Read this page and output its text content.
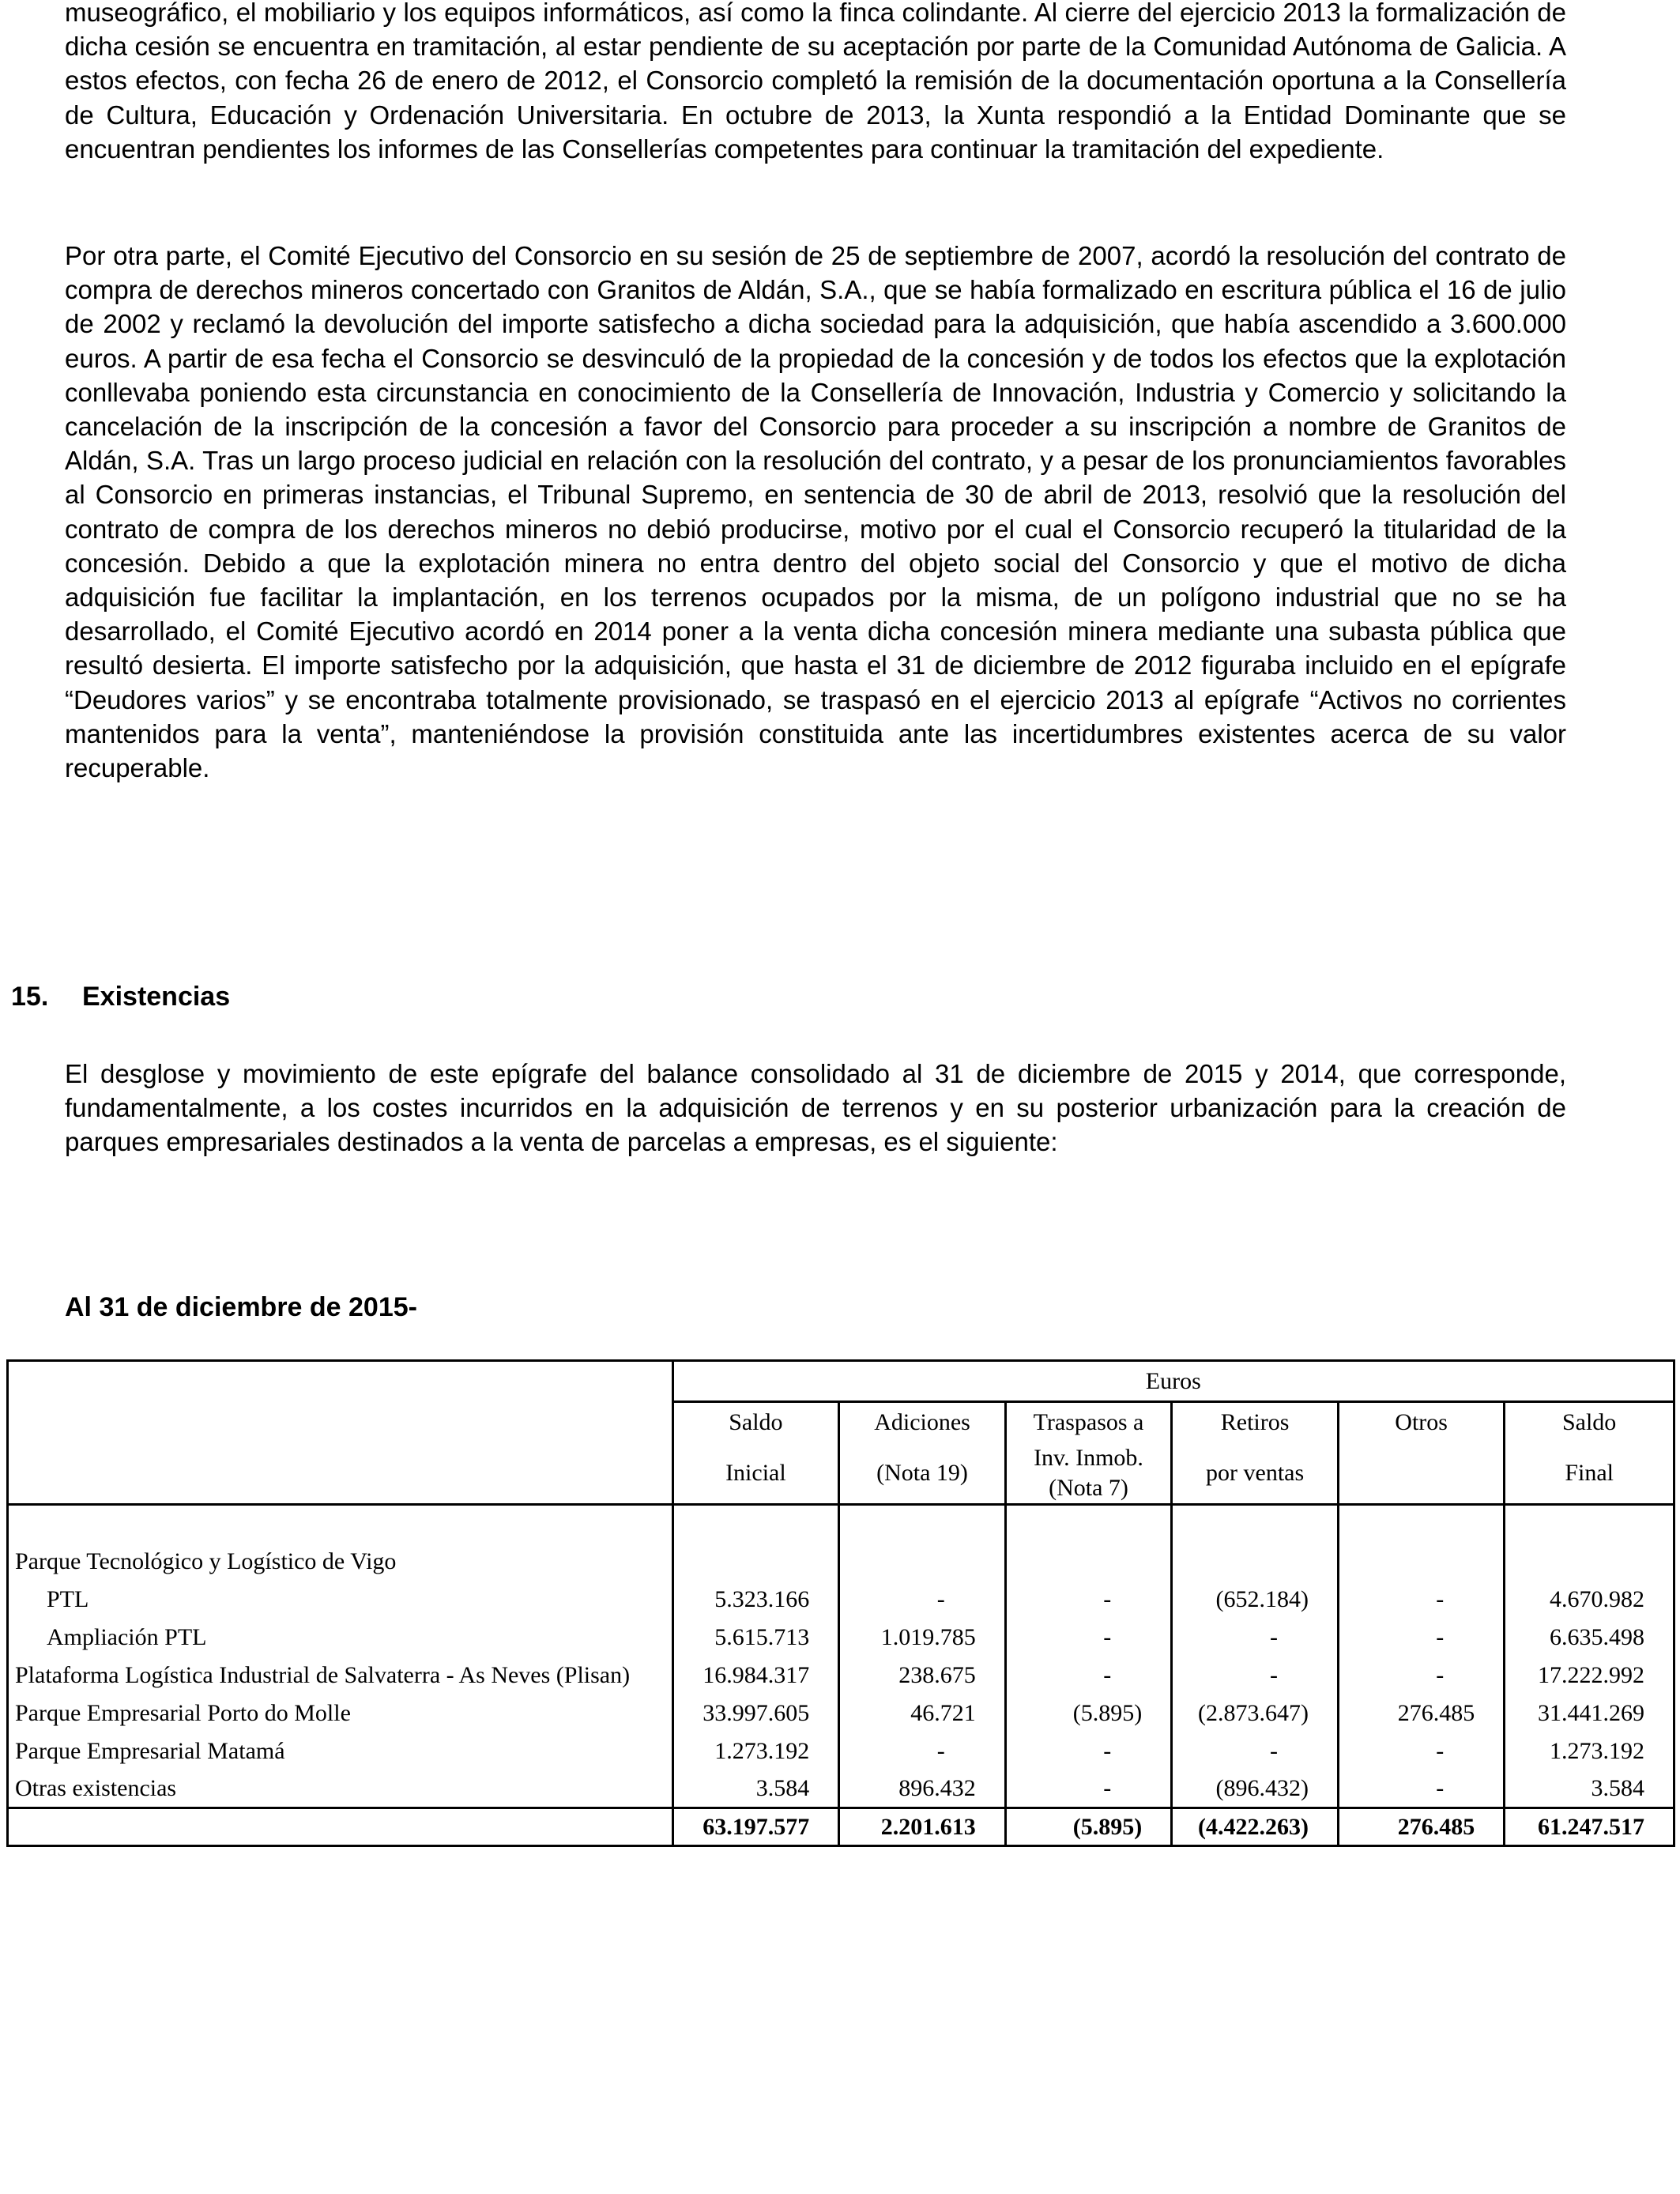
museográfico, el mobiliario y los equipos informáticos, así como la finca colindante. Al cierre del ejercicio 2013 la formalización de dicha cesión se encuentra en tramitación, al estar pendiente de su aceptación por parte de la Comunidad Autónoma de Galicia. A estos efectos, con fecha 26 de enero de 2012, el Consorcio completó la remisión de la documentación oportuna a la Consellería de Cultura, Educación y Ordenación Universitaria. En octubre de 2013, la Xunta respondió a la Entidad Dominante que se encuentran pendientes los informes de las Consellerías competentes para continuar la tramitación del expediente.

Por otra parte, el Comité Ejecutivo del Consorcio en su sesión de 25 de septiembre de 2007, acordó la resolución del contrato de compra de derechos mineros concertado con Granitos de Aldán, S.A., que se había formalizado en escritura pública el 16 de julio de 2002 y reclamó la devolución del importe satisfecho a dicha sociedad para la adquisición, que había ascendido a 3.600.000 euros. A partir de esa fecha el Consorcio se desvinculó de la propiedad de la concesión y de todos los efectos que la explotación conllevaba poniendo esta circunstancia en conocimiento de la Consellería de Innovación, Industria y Comercio y solicitando la cancelación de la inscripción de la concesión a favor del Consorcio para proceder a su inscripción a nombre de Granitos de Aldán, S.A. Tras un largo proceso judicial en relación con la resolución del contrato, y a pesar de los pronunciamientos favorables al Consorcio en primeras instancias, el Tribunal Supremo, en sentencia de 30 de abril de 2013, resolvió que la resolución del contrato de compra de los derechos mineros no debió producirse, motivo por el cual el Consorcio recuperó la titularidad de la concesión. Debido a que la explotación minera no entra dentro del objeto social del Consorcio y que el motivo de dicha adquisición fue facilitar la implantación, en los terrenos ocupados por la misma, de un polígono industrial que no se ha desarrollado, el Comité Ejecutivo acordó en 2014 poner a la venta dicha concesión minera mediante una subasta pública que resultó desierta. El importe satisfecho por la adquisición, que hasta el 31 de diciembre de 2012 figuraba incluido en el epígrafe “Deudores varios” y se encontraba totalmente provisionado, se traspasó en el ejercicio 2013 al epígrafe “Activos no corrientes mantenidos para la venta”, manteniéndose la provisión constituida ante las incertidumbres existentes acerca de su valor recuperable.

15. Existencias

El desglose y movimiento de este epígrafe del balance consolidado al 31 de diciembre de 2015 y 2014, que corresponde, fundamentalmente, a los costes incurridos en la adquisición de terrenos y en su posterior urbanización para la creación de parques empresariales destinados a la venta de parcelas a empresas, es el siguiente:

Al 31 de diciembre de 2015-
	Euros					
	Saldo	Adiciones	Traspasos a	Retiros	Otros	Saldo
	Inicial	(Nota 19)	Inv. Inmob.	por ventas		Final
			(Nota 7)			

Parque Tecnológico y Logístico de Vigo						
PTL	5.323.166	-	-	(652.184)	-	4.670.982
Ampliación PTL	5.615.713	1.019.785	-	-	-	6.635.498
Plataforma Logística Industrial de Salvaterra - As Neves (Plisan)	16.984.317	238.675	-	-	-	17.222.992
Parque Empresarial Porto do Molle	33.997.605	46.721	(5.895)	(2.873.647)	276.485	31.441.269
Parque Empresarial Matamá	1.273.192	-	-	-	-	1.273.192
Otras existencias	3.584	896.432	-	(896.432)	-	3.584
	63.197.577	2.201.613	(5.895)	(4.422.263)	276.485	61.247.517
